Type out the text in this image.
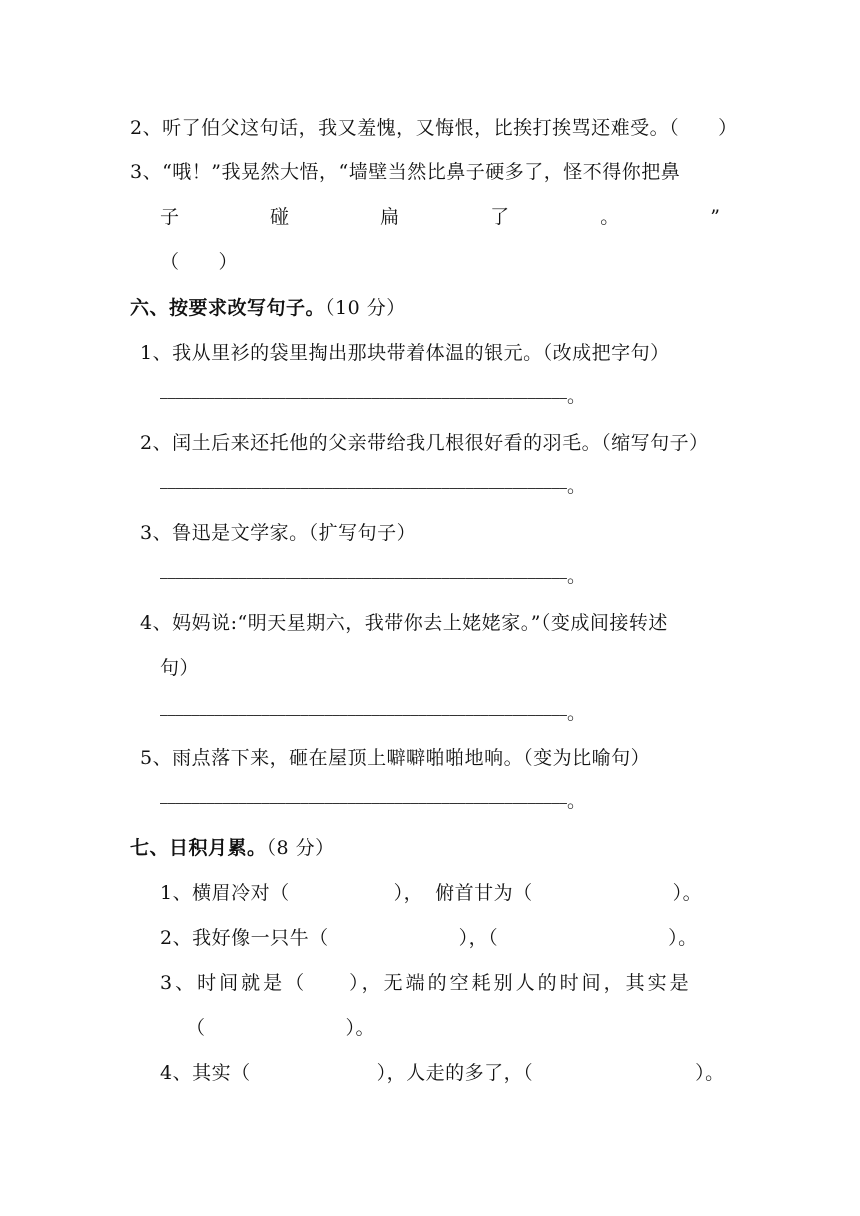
2、听了伯父这句话，我又羞愧，又悔恨，比挨打挨骂还难受。（　　）
3、“哦！”我晃然大悟，“墙壁当然比鼻子硬多了，怪不得你把鼻
子	碰	扁	了	。	”
（　　）
六、按要求改写句子。（10 分）
1、我从里衫的袋里掏出那块带着体温的银元。（改成把字句）
————————————————————————————————————————————————————。
2、闰土后来还托他的父亲带给我几根很好看的羽毛。（缩写句子）
————————————————————————————————————————————————————。
3、鲁迅是文学家。（扩写句子）
————————————————————————————————————————————————————。
4、妈妈说:“明天星期六，我带你去上姥姥家。”（变成间接转述
句）
————————————————————————————————————————————————————。
5、雨点落下来，砸在屋顶上噼噼啪啪地响。（变为比喻句）
————————————————————————————————————————————————————。
七、日积月累。（8 分）
1、横眉冷对（	）， 俯首甘为（	）。
2、我好像一只牛（	），（	）。
3、时间就是（ ），无端的空耗别人的时间，其实是
（	）。
4、其实（	），人走的多了，（	）。
